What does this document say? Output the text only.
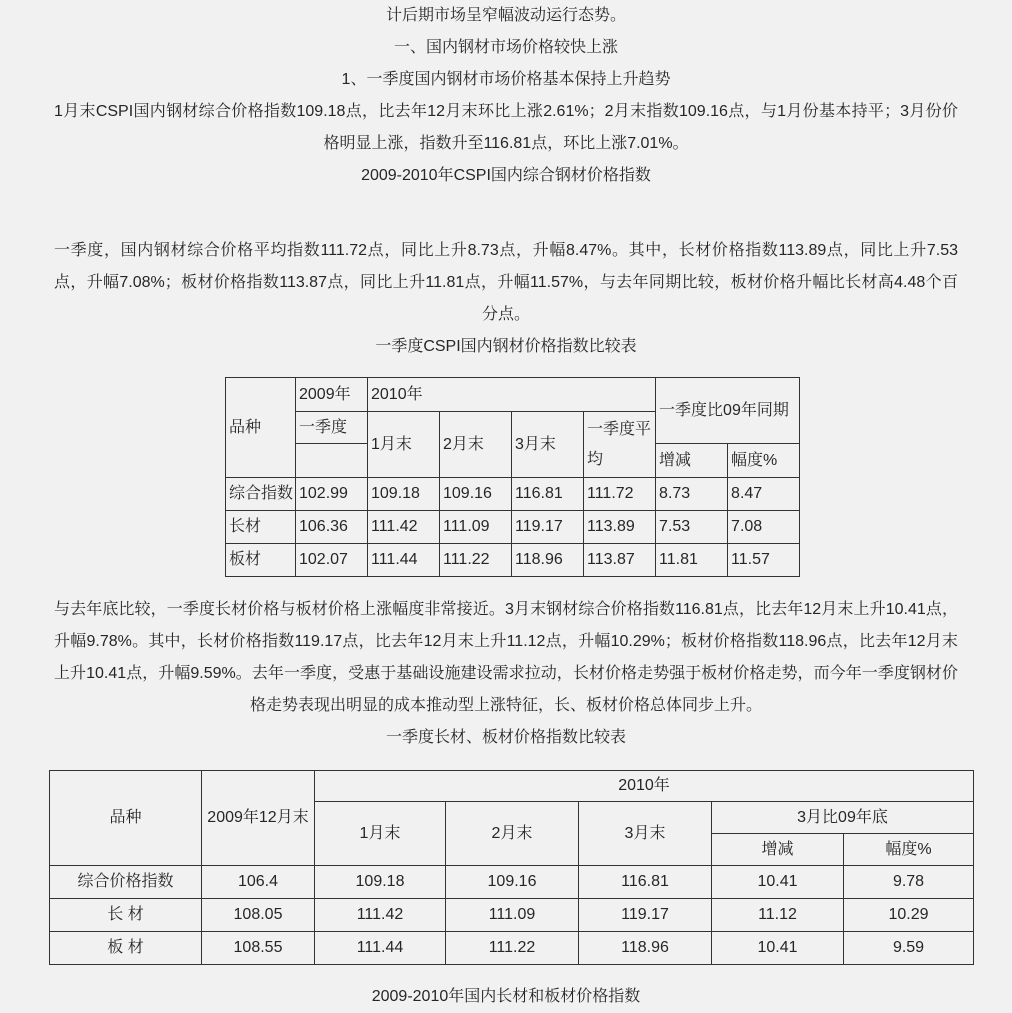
计后期市场呈窄幅波动运行态势。
一、国内钢材市场价格较快上涨
1、一季度国内钢材市场价格基本保持上升趋势
1月末CSPI国内钢材综合价格指数109.18点，比去年12月末环比上涨2.61%；2月末指数109.16点，与1月份基本持平；3月份价格明显上涨，指数升至116.81点，环比上涨7.01%。
2009-2010年CSPI国内综合钢材价格指数
一季度，国内钢材综合价格平均指数111.72点，同比上升8.73点，升幅8.47%。其中，长材价格指数113.89点，同比上升7.53点，升幅7.08%；板材价格指数113.87点，同比上升11.81点，升幅11.57%，与去年同期比较，板材价格升幅比长材高4.48个百分点。
一季度CSPI国内钢材价格指数比较表
品种	2009年	2010年				一季度比09年同期	
	一季度	1月末	2月末	3月末	一季度平均		
						增减	幅度%
综合指数	102.99	109.18	109.16	116.81	111.72	8.73	8.47
长材	106.36	111.42	111.09	119.17	113.89	7.53	7.08
板材	102.07	111.44	111.22	118.96	113.87	11.81	11.57
与去年底比较，一季度长材价格与板材价格上涨幅度非常接近。3月末钢材综合价格指数116.81点，比去年12月末上升10.41点，升幅9.78%。其中，长材价格指数119.17点，比去年12月末上升11.12点，升幅10.29%；板材价格指数118.96点，比去年12月末上升10.41点，升幅9.59%。去年一季度，受惠于基础设施建设需求拉动，长材价格走势强于板材价格走势，而今年一季度钢材价格走势表现出明显的成本推动型上涨特征，长、板材价格总体同步上升。
一季度长材、板材价格指数比较表
品种	2009年12月末	2010年				
		1月末	2月末	3月末	3月比09年底	
					增减	幅度%
综合价格指数	106.4	109.18	109.16	116.81	10.41	9.78
长 材	108.05	111.42	111.09	119.17	11.12	10.29
板 材	108.55	111.44	111.22	118.96	10.41	9.59
2009-2010年国内长材和板材价格指数
